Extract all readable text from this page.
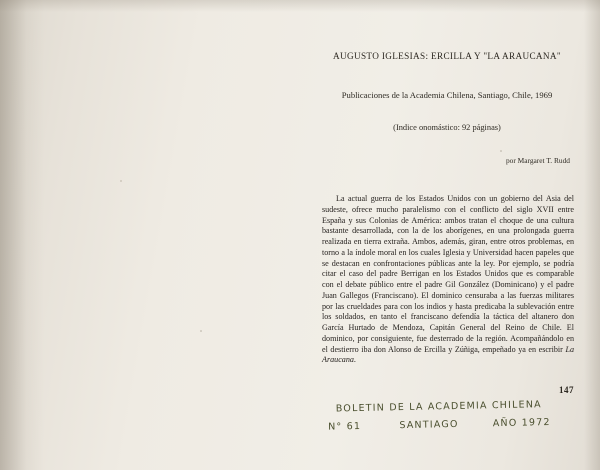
AUGUSTO IGLESIAS: ERCILLA Y "LA ARAUCANA"
Publicaciones de la Academia Chilena, Santiago, Chile, 1969
(Indice onomástico: 92 páginas)
por Margaret T. Rudd

La actual guerra de los Estados Unidos con un gobierno del Asia del sudeste, ofrece mucho paralelismo con el conflicto del siglo XVII entre España y sus Colonias de América: ambos tratan el choque de una cultura bastante desarrollada, con la de los aborígenes, en una prolongada guerra realizada en tierra extraña. Ambos, además, giran, entre otros problemas, en torno a la índole moral en los cuales Iglesia y Universidad hacen papeles que se destacan en confrontaciones públicas ante la ley. Por ejemplo, se podría citar el caso del padre Berrigan en los Estados Unidos que es comparable con el debate público entre el padre Gil González (Dominicano) y el padre Juan Gallegos (Franciscano). El dominico censuraba a las fuerzas militares por las crueldades para con los indios y hasta predicaba la sublevación entre los soldados, en tanto el franciscano defendía la táctica del altanero don García Hurtado de Mendoza, Capitán General del Reino de Chile. El dominico, por consiguiente, fue desterrado de la región. Acompañándolo en el destierro iba don Alonso de Ercilla y Zúñiga, empeñado ya en escribir La Araucana.

147
BOLETIN DE LA ACADEMIA CHILENA
N° 61	SANTIAGO	AÑO 1972
